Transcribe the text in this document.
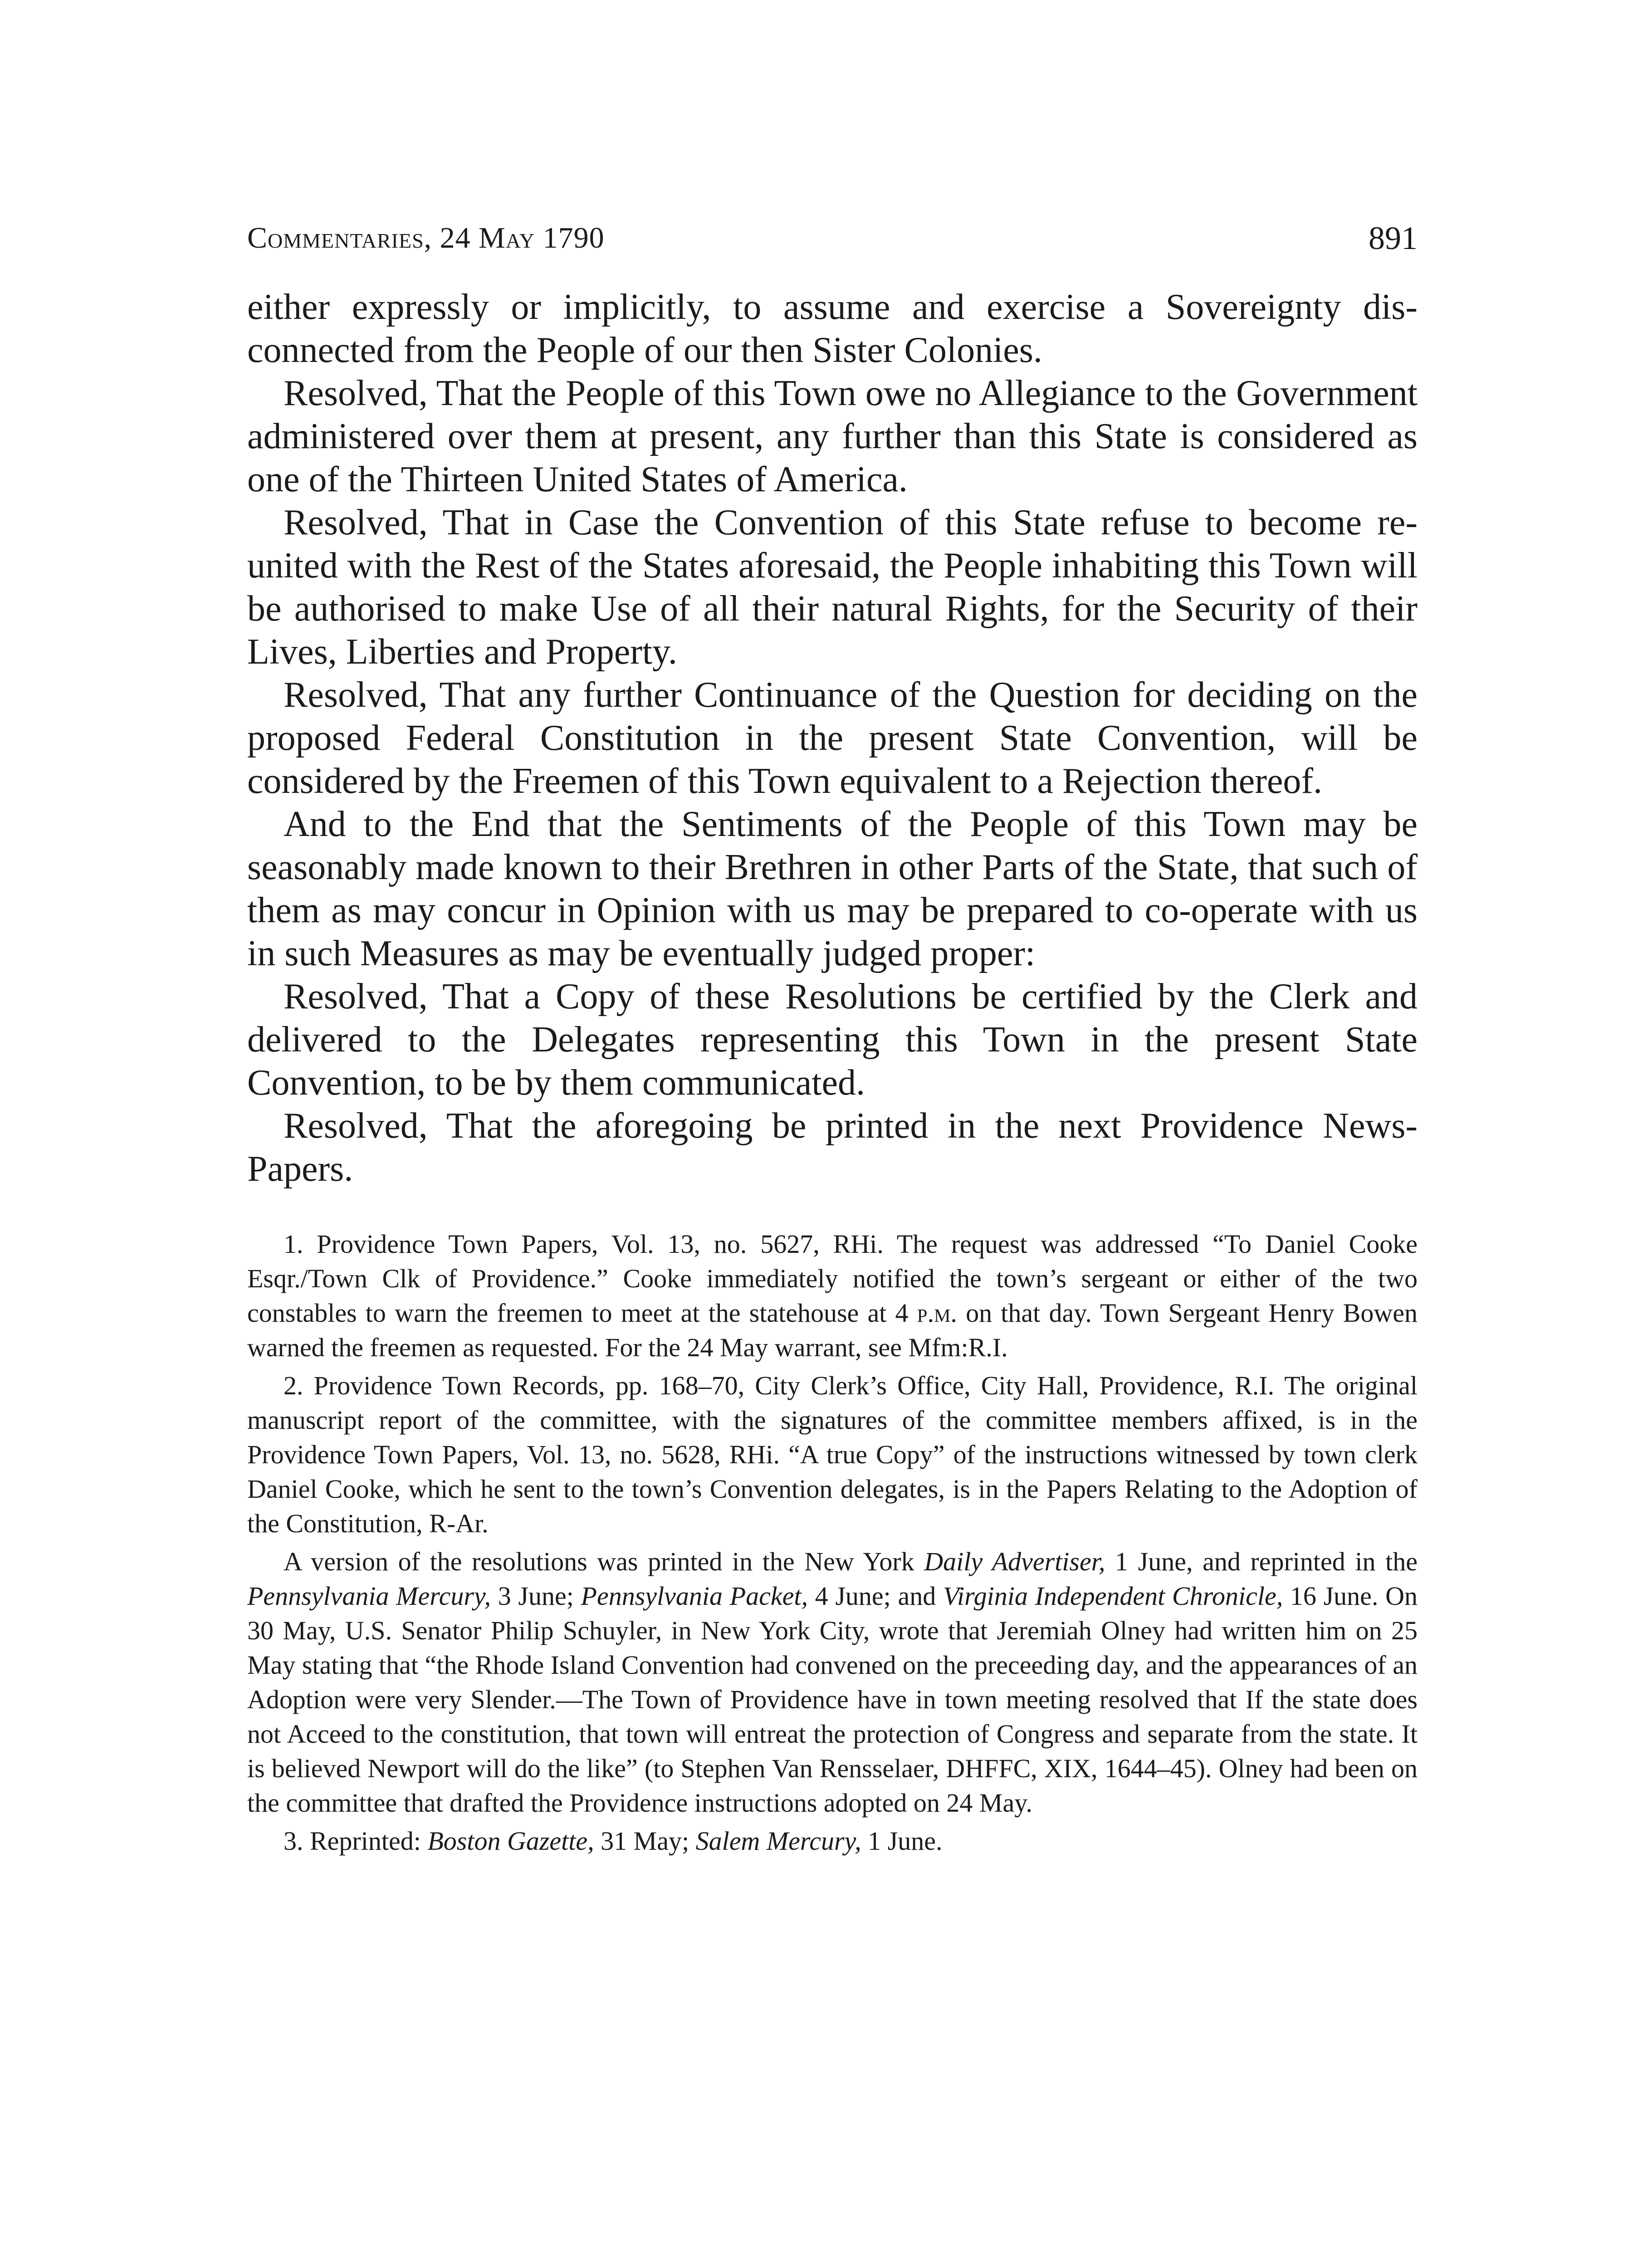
Commentaries, 24 May 1790	891

either expressly or implicitly, to assume and exercise a Sovereignty disconnected from the People of our then Sister Colonies.

Resolved, That the People of this Town owe no Allegiance to the Government administered over them at present, any further than this State is considered as one of the Thirteen United States of America.

Resolved, That in Case the Convention of this State refuse to become re-united with the Rest of the States aforesaid, the People inhabiting this Town will be authorised to make Use of all their natural Rights, for the Security of their Lives, Liberties and Property.

Resolved, That any further Continuance of the Question for deciding on the proposed Federal Constitution in the present State Convention, will be considered by the Freemen of this Town equivalent to a Rejection thereof.

And to the End that the Sentiments of the People of this Town may be seasonably made known to their Brethren in other Parts of the State, that such of them as may concur in Opinion with us may be prepared to co-operate with us in such Measures as may be eventually judged proper:

Resolved, That a Copy of these Resolutions be certified by the Clerk and delivered to the Delegates representing this Town in the present State Convention, to be by them communicated.

Resolved, That the aforegoing be printed in the next Providence News-Papers.

1. Providence Town Papers, Vol. 13, no. 5627, RHi. The request was addressed “To Daniel Cooke Esqr./Town Clk of Providence.” Cooke immediately notified the town’s sergeant or either of the two constables to warn the freemen to meet at the statehouse at 4 p.m. on that day. Town Sergeant Henry Bowen warned the freemen as requested. For the 24 May warrant, see Mfm:R.I.

2. Providence Town Records, pp. 168–70, City Clerk’s Office, City Hall, Providence, R.I. The original manuscript report of the committee, with the signatures of the committee members affixed, is in the Providence Town Papers, Vol. 13, no. 5628, RHi. “A true Copy” of the instructions witnessed by town clerk Daniel Cooke, which he sent to the town’s Convention delegates, is in the Papers Relating to the Adoption of the Constitution, R-Ar.

A version of the resolutions was printed in the New York Daily Advertiser, 1 June, and reprinted in the Pennsylvania Mercury, 3 June; Pennsylvania Packet, 4 June; and Virginia Independent Chronicle, 16 June. On 30 May, U.S. Senator Philip Schuyler, in New York City, wrote that Jeremiah Olney had written him on 25 May stating that “the Rhode Island Convention had convened on the preceeding day, and the appearances of an Adoption were very Slender.—The Town of Providence have in town meeting resolved that If the state does not Acceed to the constitution, that town will entreat the protection of Congress and separate from the state. It is believed Newport will do the like” (to Stephen Van Rensselaer, DHFFC, XIX, 1644–45). Olney had been on the committee that drafted the Providence instructions adopted on 24 May.

3. Reprinted: Boston Gazette, 31 May; Salem Mercury, 1 June.
